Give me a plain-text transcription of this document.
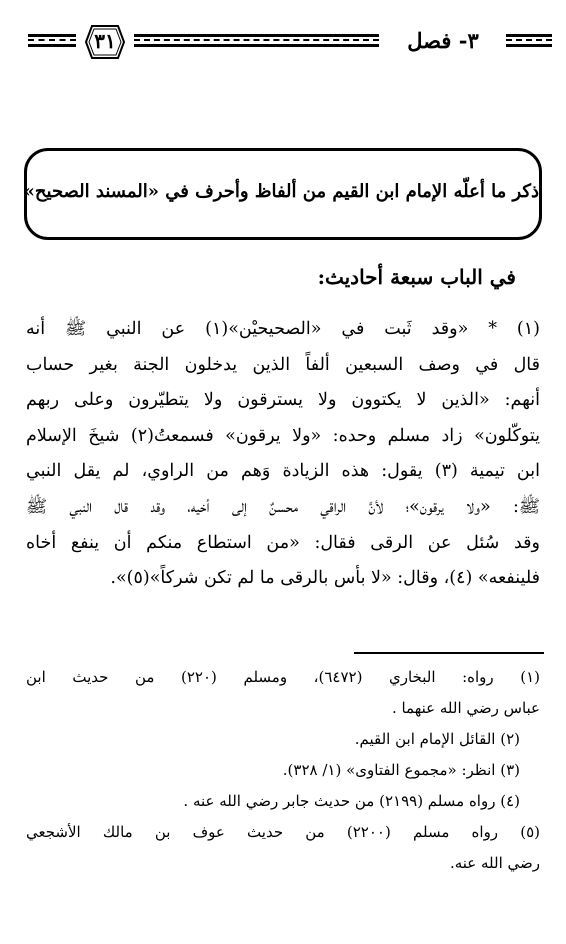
٣١	٣- فصل
ذكر ما أعلّه الإمام ابن القيم من ألفاظ وأحرف في «المسند الصحيح»
في الباب سبعة أحاديث:
(١) * «وقد ثَبت في «الصحيحيْن»(١) عن النبي ﷺ أنه
قال في وصف السبعين ألفاً الذين يدخلون الجنة بغير حساب
أنهم: «الذين لا يكتوون ولا يسترقون ولا يتطيّرون وعلى ربهم
يتوكّلون» زاد مسلم وحده: «ولا يرقون» فسمعتُ(٢) شيخَ الإسلام
ابن تيمية (٣) يقول: هذه الزيادة وَهم من الراوي، لم يقل النبي
ﷺ: «ولا يرقون»؛ لأنَّ الراقي محسنٌ إلى أخيه، وقد قال النبي ﷺ
وقد سُئل عن الرقى فقال: «من استطاع منكم أن ينفع أخاه
فلينفعه» (٤)، وقال: «لا بأس بالرقى ما لم تكن شركاً»(٥)».
(١) رواه: البخاري (٦٤٧٢)، ومسلم (٢٢٠) من حديث ابن
عباس رضي الله عنهما .
(٢) القائل الإمام ابن القيم.
(٣) انظر: «مجموع الفتاوى» (١/ ٣٢٨).
(٤) رواه مسلم (٢١٩٩) من حديث جابر رضي الله عنه .
(٥) رواه مسلم (٢٢٠٠) من حديث عوف بن مالك الأشجعي
رضي الله عنه.
